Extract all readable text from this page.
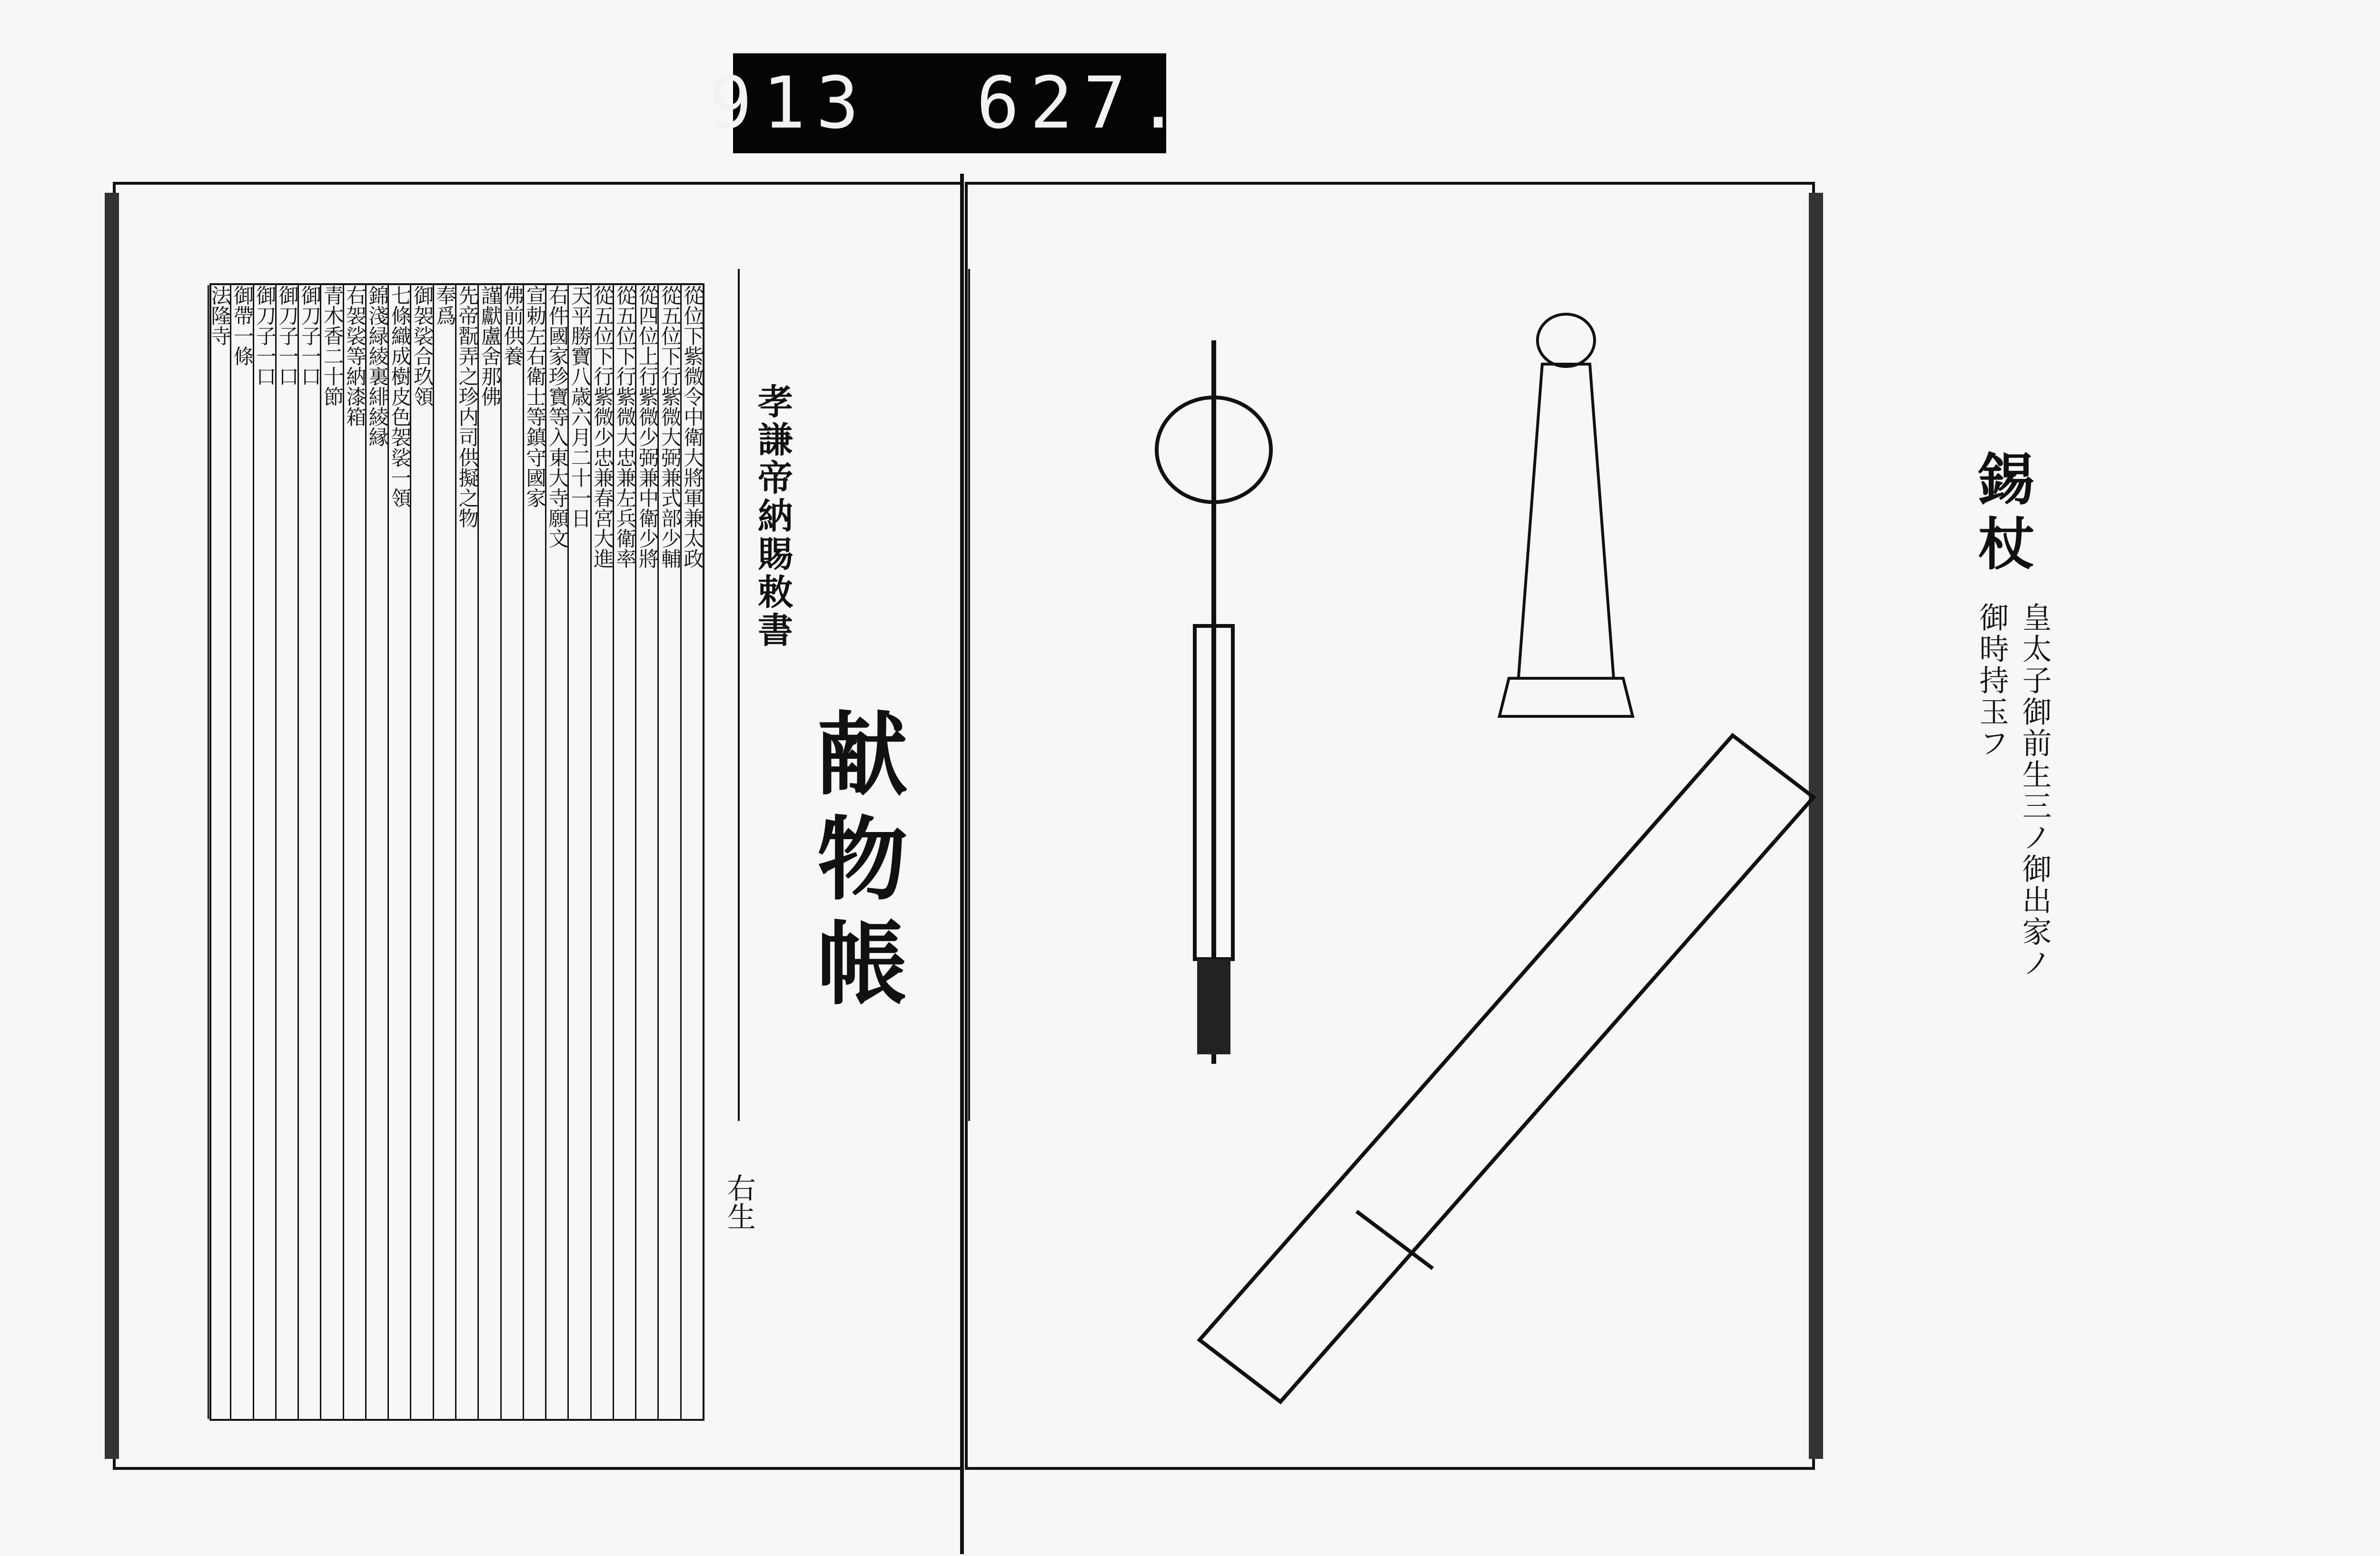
913  627.
從位下紫微令中衛大將軍兼太政
從五位下行紫微大弼兼式部少輔
從四位上行紫微少弼兼中衛少將
從五位下行紫微大忠兼左兵衛率
從五位下行紫微少忠兼春宮大進
天平勝寶八歳六月二十一日
右件國家珍寶等入東大寺願文
宣勅左右衛士等鎮守國家
佛前供養
謹獻盧舍那佛
先帝翫弄之珍内司供擬之物
奉爲
御袈裟合玖領
七條織成樹皮色袈裟一領
錦淺緑綾裏緋綾縁
右袈裟等納漆箱
青木香二十節
御刀子一口
御刀子一口
御刀子一口
御帶一條
法隆寺
孝謙帝納賜敕書
右生
献物帳
錫杖
皇太子御前生三ノ御出家ノ
御時持玉フ
